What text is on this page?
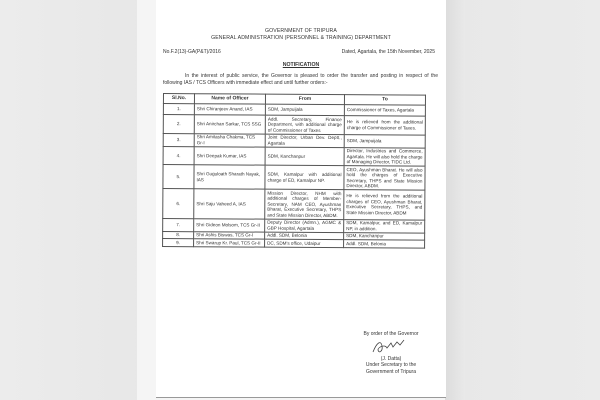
GOVERNMENT OF TRIPURA
GENERAL ADMINISTRATION (PERSONNEL & TRAINING) DEPARTMENT
No.F.2(13)-GA(P&T)/2016	Dated, Agartala, the 15th November, 2025
NOTIFICATION
In the interest of public service, the Governor is pleased to order the transfer and posting in respect of the following IAS / TCS Officers with immediate effect and until further orders:-
Sl.No.	Name of Officer	From	To
1.	Shri Chiranjeev Anand, IAS	SDM, Jampuijala	Commissioner of Taxes, Agartala
2.	Shri Anirchan Sarkar, TCS SSG	Addl. Secretary, Finance Department, with additional charge of Commissioner of Taxes	He is relieved from the additional charge of Commissioner of Taxes.
3.	Shri Amitasha Chakma, TCS Gr-I	Joint Director, Urban Dev. Deptt., Agartala	SDM, Jampuijala
4.	Shri Deepak Kumar, IAS	SDM, Kanchanpur	Director, Industries and Commerce, Agartala. He will also hold the charge of Managing Director, TIDC Ltd.
5.	Shri Guguloath Sharath Nayak, IAS	SDM, Kamalpur with additional charge of ED, Kamalpur NP.	CEO, Ayushman Bharat. He will also hold the charges of Executive Secretary, THPS and State Mission Director, ABDM.
6.	Shri Saju Vaheed A, IAS	Mission Director, NHM with additional charges of Member-Secretary, NAM CEO, Ayushman Bharat, Executive Secretary, THPS and State Mission Director, ABDM.	He is relieved from the additional charges of CEO, Ayushman Bharat, Executive Secretary, THPS, and State Mission Director, ABDM
7.	Shri Gideon Molsom, TCS Gr-II	Deputy Director (Admn.), AGMC & GBP Hospital, Agartala	SDM, Kamalpur, and ED, Kamalpur NP, in addition.
8.	Shri Ashis Biswas, TCS Gr-I	Addl. SDM, Belonia	SDM, Kanchanpur
9.	Shri Swarup Kr. Paul, TCS Gr-II	DC, SDM's office, Udaipur	Addl. SDM, Belonia
By order of the Governor
(J. Datta)
Under Secretary to the
Government of Tripura
